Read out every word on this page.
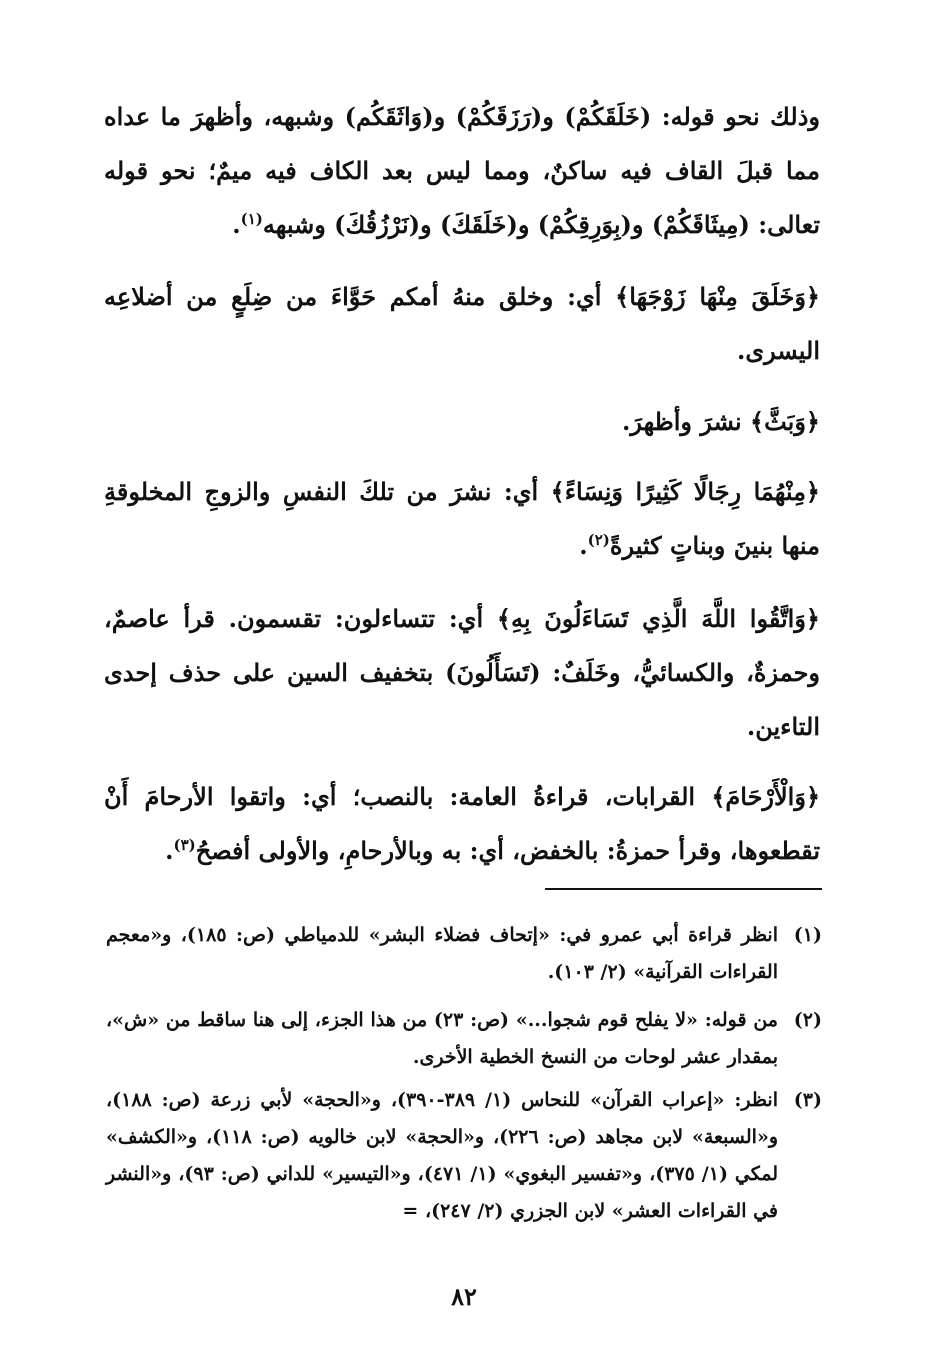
وذلك نحو قوله: (خَلَقَكُمْ) و(رَزَقَكُمْ) و(وَاثَقَكُم) وشبهه، وأظهرَ ما عداه مما قبلَ القاف فيه ساكنٌ، ومما ليس بعد الكاف فيه ميمٌ؛ نحو قوله تعالى: (مِيثَاقَكُمْ) و(بِوَرِقِكُمْ) و(خَلَقَكَ) و(نَرْزُقُكَ) وشبهه$^{(١)}$.

﴿وَخَلَقَ مِنْهَا زَوْجَهَا﴾ أي: وخلق منهُ أمكم حَوَّاءَ من ضِلَعٍ من أضلاعِه اليسرى.

﴿وَبَثَّ﴾ نشرَ وأظهرَ.

﴿مِنْهُمَا رِجَالًا كَثِيرًا وَنِسَاءً﴾ أي: نشرَ من تلكَ النفسِ والزوجِ المخلوقةِ منها بنينَ وبناتٍ كثيرةً$^{(٢)}$.

﴿وَاتَّقُوا اللَّهَ الَّذِي تَسَاءَلُونَ بِهِ﴾ أي: تتساءلون: تقسمون. قرأ عاصمٌ، وحمزةٌ، والكسائيُّ، وخَلَفٌ: (تَسَأَلُونَ) بتخفيف السين على حذف إحدى التاءين.

﴿وَالْأَرْحَامَ﴾ القرابات، قراءةُ العامة: بالنصب؛ أي: واتقوا الأرحامَ أَنْ تقطعوها، وقرأ حمزةُ: بالخفض، أي: به وبالأرحامِ، والأولى أفصحُ$^{(٣)}$.

(١)
انظر قراءة أبي عمرو في: «إتحاف فضلاء البشر» للدمياطي (ص: ١٨٥)، و«معجم القراءات القرآنية» (٢/ ١٠٣).
(٢)
من قوله: «لا يفلح قوم شجوا...» (ص: ٢٣) من هذا الجزء، إلى هنا ساقط من «ش»، بمقدار عشر لوحات من النسخ الخطية الأخرى.
(٣)
انظر: «إعراب القرآن» للنحاس (١/ ٣٨٩-٣٩٠)، و«الحجة» لأبي زرعة (ص: ١٨٨)، و«السبعة» لابن مجاهد (ص: ٢٢٦)، و«الحجة» لابن خالويه (ص: ١١٨)، و«الكشف» لمكي (١/ ٣٧٥)، و«تفسير البغوي» (١/ ٤٧١)، و«التيسير» للداني (ص: ٩٣)، و«النشر في القراءات العشر» لابن الجزري (٢/ ٢٤٧)، =
٨٢
